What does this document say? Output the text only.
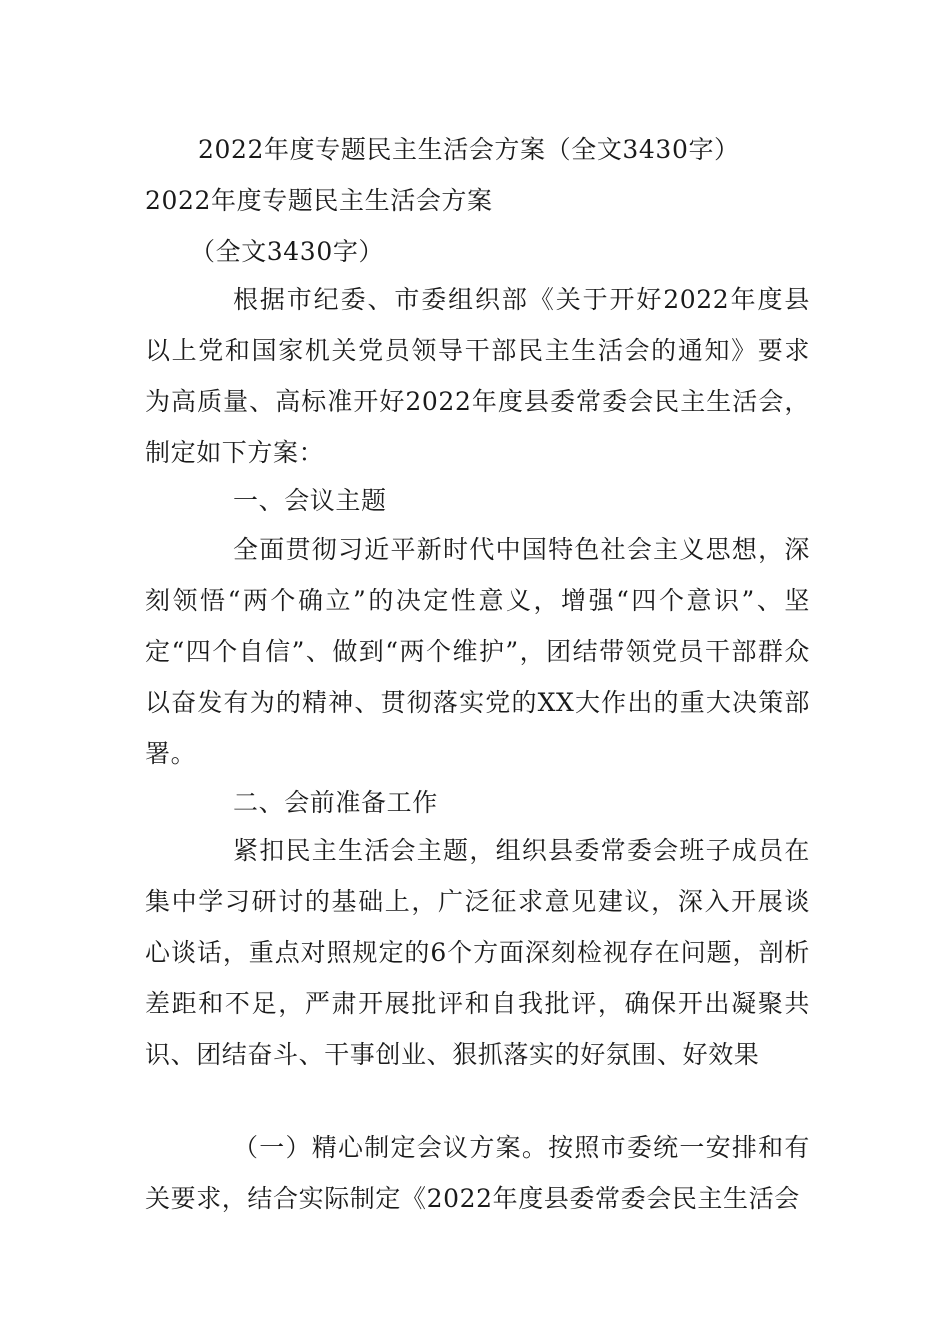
2022年度专题民主生活会方案（全文3430字）
2022年度专题民主生活会方案
（全文3430字）

根据市纪委、市委组织部《关于开好2022年度县以上党和国家机关党员领导干部民主生活会的通知》要求为高质量、高标准开好2022年度县委常委会民主生活会，制定如下方案：

一、会议主题

全面贯彻习近平新时代中国特色社会主义思想，深刻领悟“两个确立”的决定性意义，增强“四个意识”、坚定“四个自信”、做到“两个维护”，团结带领党员干部群众以奋发有为的精神、贯彻落实党的XX大作出的重大决策部署。

二、会前准备工作

紧扣民主生活会主题，组织县委常委会班子成员在集中学习研讨的基础上，广泛征求意见建议，深入开展谈心谈话，重点对照规定的6个方面深刻检视存在问题，剖析差距和不足，严肃开展批评和自我批评，确保开出凝聚共识、团结奋斗、干事创业、狠抓落实的好氛围、好效果

（一）精心制定会议方案。按照市委统一安排和有关要求，结合实际制定《2022年度县委常委会民主生活会
